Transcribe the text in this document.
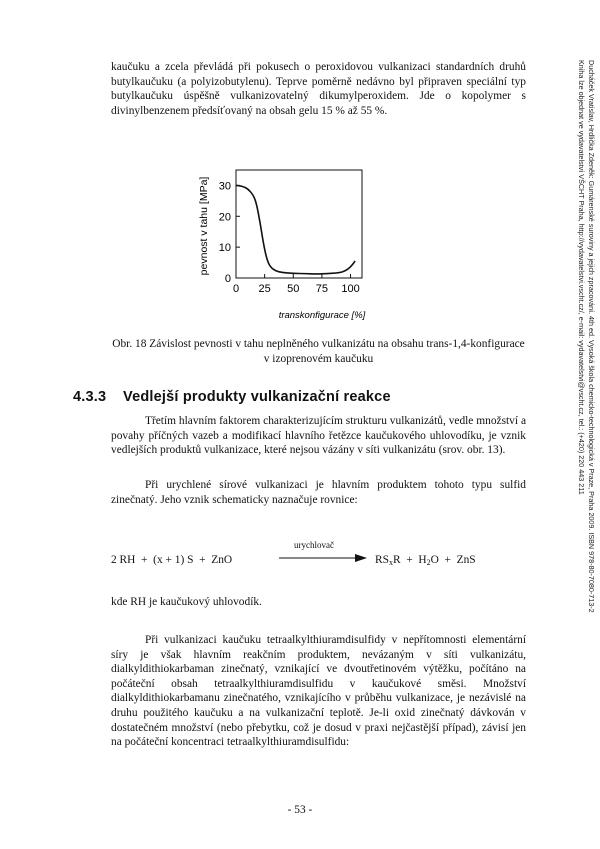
kaučuku a zcela převládá při pokusech o peroxidovou vulkanizaci standardních druhů butylkaučuku (a polyizobutylenu). Teprve poměrně nedávno byl připraven speciální typ butylkaučuku úspěšně vulkanizovatelný dikumylperoxidem. Jde o kopolymer s divinylbenzenem předsíťovaný na obsah gelu 15 % až 55 %.

pevnost v tahu [MPa]
0
10
20
30
0 25 50 75 100
transkonfigurace [%]
Obr. 18 Závislost pevnosti v tahu neplněného vulkanizátu na obsahu trans-1,4-konfigurace v izoprenovém kaučuku
4.3.3 Vedlejší produkty vulkanizační reakce

Třetím hlavním faktorem charakterizujícím strukturu vulkanizátů, vedle množství a povahy příčných vazeb a modifikací hlavního řetězce kaučukového uhlovodíku, je vznik vedlejších produktů vulkanizace, které nejsou vázány v síti vulkanizátu (srov. obr. 13).

Při urychlené sírové vulkanizaci je hlavním produktem tohoto typu sulfid zinečnatý. Jeho vznik schematicky naznačuje rovnice:

2 RH  +  (x + 1) S  +  ZnO
urychlovač
$RS_xR + H_2O$  +  ZnS

kde RH je kaučukový uhlovodík.

Při vulkanizaci kaučuku tetraalkylthiuramdisulfidy v nepřítomnosti elementární síry je však hlavním reakčním produktem, nevázaným v síti vulkanizátu, dialkyldithiokarbaman zinečnatý, vznikající ve dvoutřetinovém výtěžku, počítáno na počáteční obsah tetraalkylthiuramdisulfidu v kaučukové směsi. Množství dialkyldithiokarbamanu zinečnatého, vznikajícího v průběhu vulkanizace, je nezávislé na druhu použitého kaučuku a na vulkanizační teplotě. Je-li oxid zinečnatý dávkován v dostatečném množství (nebo přebytku, což je dosud v praxi nejčastější případ), závisí jen na počáteční koncentraci tetraalkylthiuramdisulfidu:

Ducháček Vratislav, Hrdlička Zdeněk: Gumárenské suroviny a jejich zpracování. 4th ed. Vysoká škola chemicko-technologická v Praze, Praha 2009. ISBN 978-80-7080-713-2
Kniha lze objednat ve vydavatelství VŠCHT Praha, http://vydavatelstvi.vscht.cz/, e-mail: vydavatelstvi@vscht.cz, tel.: (+420) 220 443 211
- 53 -
